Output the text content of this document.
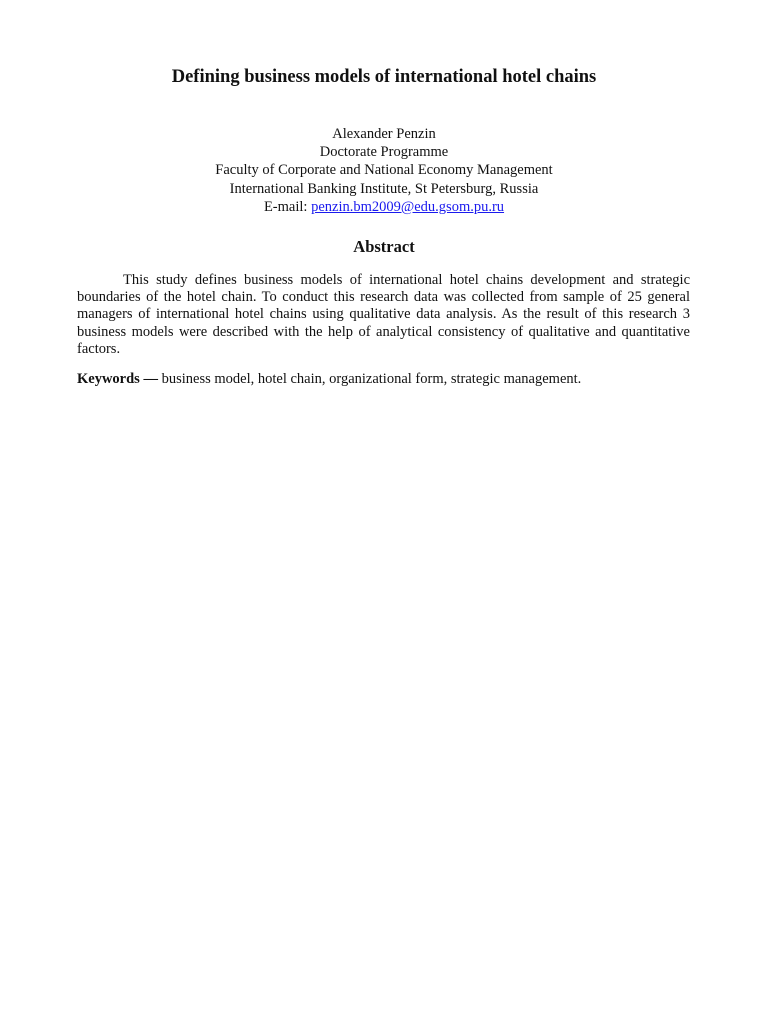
Defining business models of international hotel chains
Alexander Penzin
Doctorate Programme
Faculty of Corporate and National Economy Management
International Banking Institute, St Petersburg, Russia
E-mail: penzin.bm2009@edu.gsom.pu.ru
Abstract

This study defines business models of international hotel chains development and strategic boundaries of the hotel chain. To conduct this research data was collected from sample of 25 general managers of international hotel chains using qualitative data analysis. As the result of this research 3 business models were described with the help of analytical consistency of qualitative and quantitative factors.

Keywords — business model, hotel chain, organizational form, strategic management.
